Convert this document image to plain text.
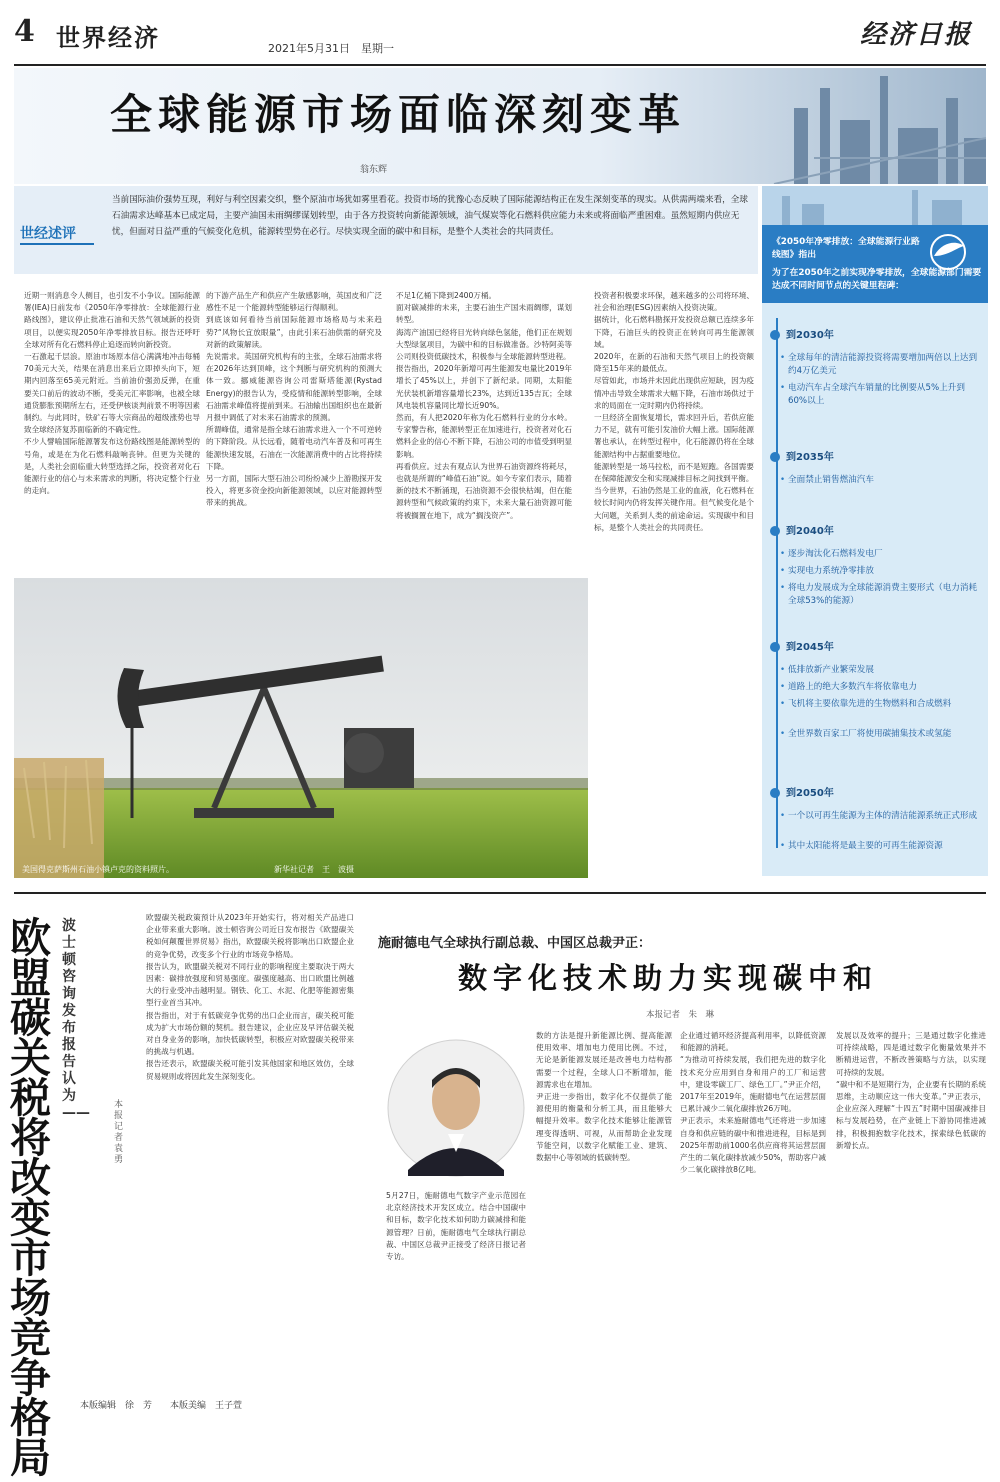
4 世界经济	2021年5月31日　星期一	经济日报
全球能源市场面临深刻变革
翁东辉
世经述评
当前国际油价强势互现，利好与利空因素交织，整个原油市场犹如雾里看花。投资市场的犹豫心态反映了国际能源结构正在发生深刻变革的现实。从供需两端来看，全球石油需求达峰基本已成定局，主要产油国未雨绸缪谋划转型，由于各方投资转向新能源领域，油气煤炭等化石燃料供应能力未来或将面临严重困难。虽然短期内供应无忧，但面对日益严重的气候变化危机，能源转型势在必行。尽快实现全面的碳中和目标，是整个人类社会的共同责任。
《2050年净零排放：全球能源行业路线图》指出
为了在2050年之前实现净零排放，全球能源部门需要达成不同时间节点的关键里程碑：
到2030年
• 全球每年的清洁能源投资将需要增加两倍以上达到约4万亿美元
• 电动汽车占全球汽车销量的比例要从5%上升到60%以上
到2035年
• 全面禁止销售燃油汽车
到2040年
• 逐步淘汰化石燃料发电厂
• 实现电力系统净零排放
• 将电力发展成为全球能源消费主要形式（电力消耗全球53%的能源）
到2045年
• 低排放新产业繁荣发展
• 道路上的绝大多数汽车将依靠电力
• 飞机将主要依靠先进的生物燃料和合成燃料
• 全世界数百家工厂将使用碳捕集技术或氢能
到2050年
• 一个以可再生能源为主体的清洁能源系统正式形成
• 其中太阳能将是最主要的可再生能源资源
近期一则消息令人侧目，也引发不小争议。国际能源署(IEA)日前发布《2050年净零排放：全球能源行业路线图》，建议停止批准石油和天然气领域新的投资项目，以便实现2050年净零排放目标。报告还呼吁全球对所有化石燃料停止追逐而转向新投资。
一石激起千层浪。原油市场原本信心满满地冲击每桶70美元大关，结果在消息出来后立即掉头向下，短期内回落至65美元附近。当前油价强劲反弹，在重要关口前后的波动不断，受美元汇率影响，也被全球通货膨胀预期所左右，还受伊核谈判前景不明等因素制约。与此同时，铁矿石等大宗商品的超级涨势也导致全球经济复苏面临新的不确定性。
不少人譬喻国际能源署发布这份路线图是能源转型的号角，或是在为化石燃料敲响丧钟。但更为关键的是，人类社会面临重大转型选择之际，投资者对化石能源行业的信心与未来需求的判断，将决定整个行业的走向。
的下游产品生产和供应产生敏感影响，英国皮和广泛感性不足一个能源转型能够运行得顺利。
到底该如何看待当前国际能源市场格局与未来趋势?“风物长宜放眼量”，由此引来石油供需的研究及对新的政策解读。
先说需求。英国研究机构有的主张，全球石油需求将在2026年达到顶峰，这个判断与研究机构的预测大体一致。挪威能源咨询公司雷斯塔能源(Rystad Energy)的报告认为，受疫情和能源转型影响，全球石油需求峰值将提前到来。石油输出国组织也在最新月报中调低了对未来石油需求的预测。
所谓峰值，通常是指全球石油需求进入一个不可逆转的下降阶段。从长远看，随着电动汽车普及和可再生能源快速发展，石油在一次能源消费中的占比将持续下降。
另一方面，国际大型石油公司纷纷减少上游勘探开发投入，将更多资金投向新能源领域，以应对能源转型带来的挑战。
不足1亿桶下降到2400万桶。
面对碳减排的未来，主要石油生产国未雨绸缪，谋划转型。
海湾产油国已经将目光转向绿色氢能，他们正在规划大型绿氢项目，为碳中和的目标做准备。沙特阿美等公司则投资低碳技术，积极参与全球能源转型进程。
报告指出，2020年新增可再生能源发电量比2019年增长了45%以上，并创下了新纪录。同期，太阳能光伏装机新增容量增长23%，达到近135吉瓦；全球风电装机容量同比增长近90%。
然而，有人把2020年称为化石燃料行业的分水岭。专家警告称，能源转型正在加速进行，投资者对化石燃料企业的信心不断下降，石油公司的市值受到明显影响。
再看供应。过去有观点认为世界石油资源终将耗尽，也就是所谓的“峰值石油”说。如今专家们表示，随着新的技术不断涌现，石油资源不会很快枯竭，但在能源转型和气候政策的约束下，未来大量石油资源可能将被搁置在地下，成为“搁浅资产”。
投资者积极要求环保，越来越多的公司将环境、社会和治理(ESG)因素纳入投资决策。
据统计，化石燃料勘探开发投资总额已连续多年下降，石油巨头的投资正在转向可再生能源领域。
2020年，在新的石油和天然气项目上的投资额降至15年来的最低点。
尽管如此，市场并未因此出现供应短缺，因为疫情冲击导致全球需求大幅下降，石油市场供过于求的局面在一定时期内仍将持续。
一旦经济全面恢复增长，需求回升后，若供应能力不足，就有可能引发油价大幅上涨。国际能源署也承认，在转型过程中，化石能源仍将在全球能源结构中占据重要地位。
能源转型是一场马拉松，而不是短跑。各国需要在保障能源安全和实现减排目标之间找到平衡。
当今世界，石油仍然是工业的血液，化石燃料在较长时间内仍将发挥关键作用。但气候变化是个大问题，关系到人类的前途命运。实现碳中和目标，是整个人类社会的共同责任。
美国得克萨斯州石油小镇卢克的资料照片。	新华社记者　王　波摄
波士顿咨询发布报告认为——
欧盟碳关税将改变市场竞争格局
本报记者　袁　勇
欧盟碳关税政策预计从2023年开始实行，将对相关产品进口企业带来重大影响。波士顿咨询公司近日发布报告《欧盟碳关税如何颠覆世界贸易》指出，欧盟碳关税将影响出口欧盟企业的竞争优势，改变多个行业的市场竞争格局。
报告认为，欧盟碳关税对不同行业的影响程度主要取决于两大因素：碳排放强度和贸易强度。碳强度越高、出口欧盟比例越大的行业受冲击越明显。钢铁、化工、水泥、化肥等能源密集型行业首当其冲。
报告指出，对于有低碳竞争优势的出口企业而言，碳关税可能成为扩大市场份额的契机。报告建议，企业应及早评估碳关税对自身业务的影响，加快低碳转型，积极应对欧盟碳关税带来的挑战与机遇。
报告还表示，欧盟碳关税可能引发其他国家和地区效仿，全球贸易规则或将因此发生深刻变化。
施耐德电气全球执行副总裁、中国区总裁尹正：
数字化技术助力实现碳中和
本报记者　朱　琳
5月27日，施耐德电气数字产业示范园在北京经济技术开发区成立。结合中国碳中和目标，数字化技术如何助力碳减排和能源管理？日前，施耐德电气全球执行副总裁、中国区总裁尹正接受了经济日报记者专访。
数的方法是提升新能源比例、提高能源使用效率、增加电力使用比例。不过，无论是新能源发展还是改善电力结构都需要一个过程，全球人口不断增加，能源需求也在增加。
尹正进一步指出，数字化不仅提供了能源使用的衡量和分析工具，而且能够大幅提升效率。数字化技术能够让能源管理变得透明、可视，从而帮助企业发现节能空间，以数字化赋能工业、建筑、数据中心等领域的低碳转型。
企业通过循环经济提高利用率，以降低资源和能源的消耗。
“为推动可持续发展，我们把先进的数字化技术充分应用到自身和用户的工厂和运营中，建设零碳工厂、绿色工厂。”尹正介绍，2017年至2019年，施耐德电气在运营层面已累计减少二氧化碳排放26万吨。
尹正表示，未来施耐德电气还将进一步加速自身和供应链的碳中和推进进程，目标是到2025年帮助前1000名供应商将其运营层面产生的二氧化碳排放减少50%，帮助客户减少二氧化碳排放8亿吨。
发展以及效率的提升；三是通过数字化推进可持续战略，四是通过数字化衡量效果并不断精进运营，不断改善策略与方法，以实现可持续的发展。
“碳中和不是短期行为，企业要有长期的系统思维，主动顺应这一伟大变革。”尹正表示，企业应深入理解“十四五”时期中国碳减排目标与发展趋势，在产业链上下游协同推进减排，积极拥抱数字化技术，探索绿色低碳的新增长点。
本版编辑　徐　芳　　本版美编　王子萱
